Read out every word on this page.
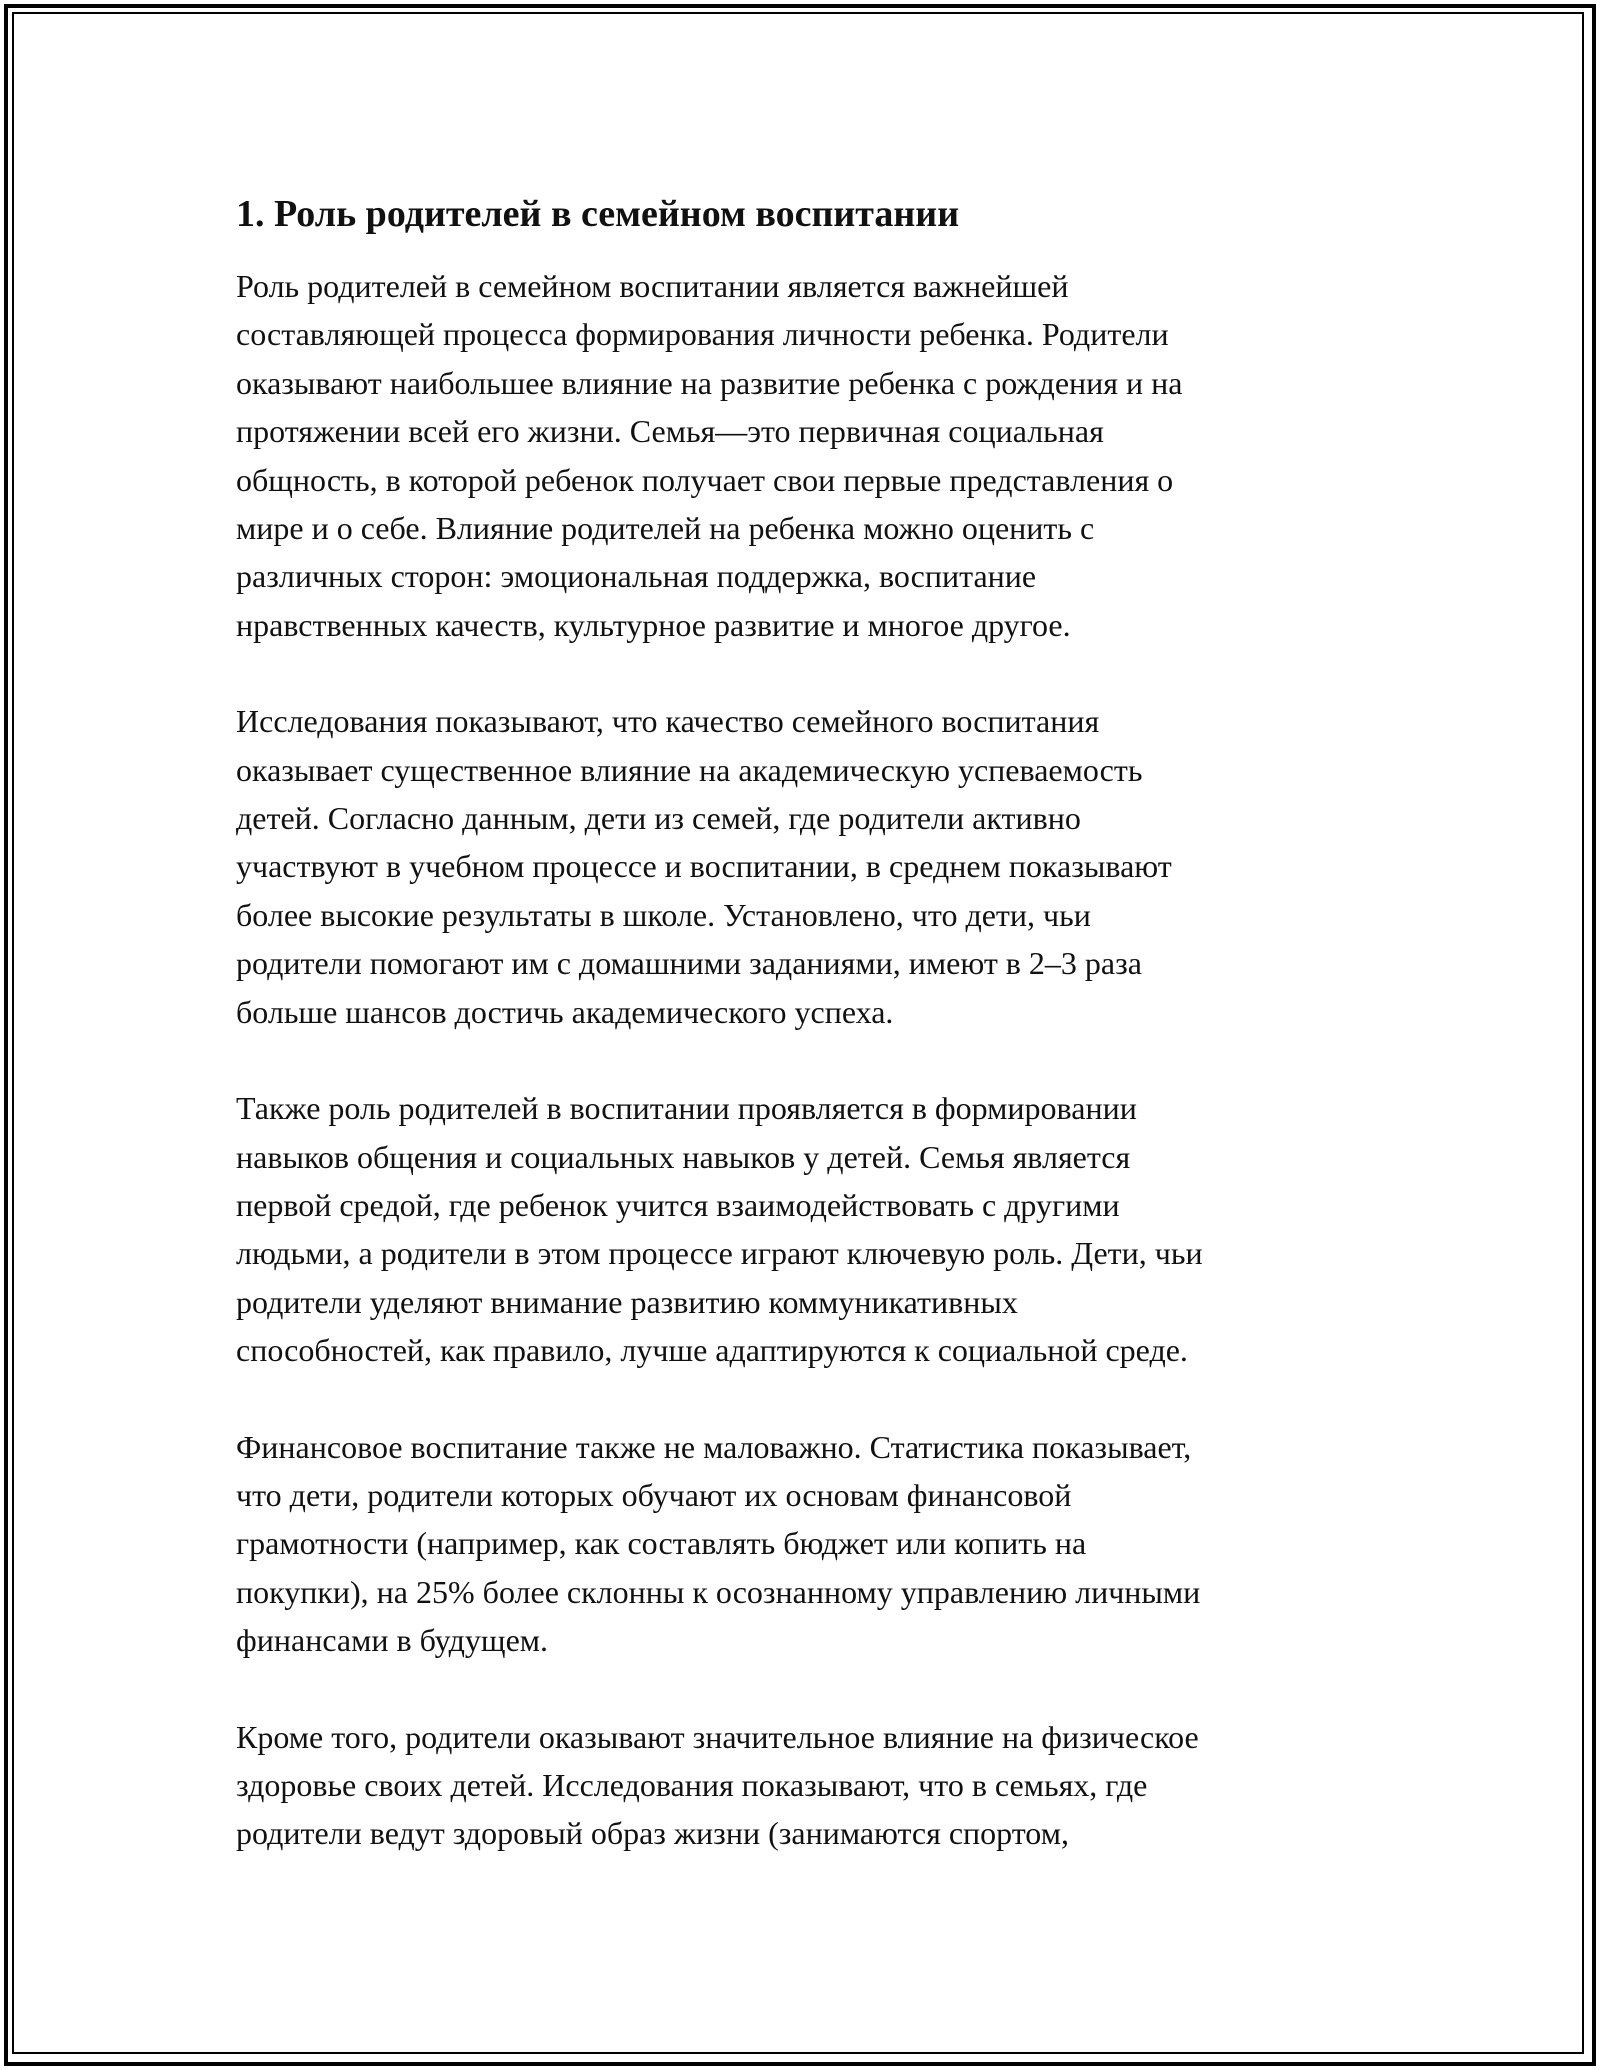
1. Роль родителей в семейном воспитании

Роль родителей в семейном воспитании является важнейшей
составляющей процесса формирования личности ребенка. Родители
оказывают наибольшее влияние на развитие ребенка с рождения и на
протяжении всей его жизни. Семья—это первичная социальная
общность, в которой ребенок получает свои первые представления о
мире и о себе. Влияние родителей на ребенка можно оценить с
различных сторон: эмоциональная поддержка, воспитание
нравственных качеств, культурное развитие и многое другое.

Исследования показывают, что качество семейного воспитания
оказывает существенное влияние на академическую успеваемость
детей. Согласно данным, дети из семей, где родители активно
участвуют в учебном процессе и воспитании, в среднем показывают
более высокие результаты в школе. Установлено, что дети, чьи
родители помогают им с домашними заданиями, имеют в 2–3 раза
больше шансов достичь академического успеха.

Также роль родителей в воспитании проявляется в формировании
навыков общения и социальных навыков у детей. Семья является
первой средой, где ребенок учится взаимодействовать с другими
людьми, а родители в этом процессе играют ключевую роль. Дети, чьи
родители уделяют внимание развитию коммуникативных
способностей, как правило, лучше адаптируются к социальной среде.

Финансовое воспитание также не маловажно. Статистика показывает,
что дети, родители которых обучают их основам финансовой
грамотности (например, как составлять бюджет или копить на
покупки), на 25% более склонны к осознанному управлению личными
финансами в будущем.

Кроме того, родители оказывают значительное влияние на физическое
здоровье своих детей. Исследования показывают, что в семьях, где
родители ведут здоровый образ жизни (занимаются спортом,
